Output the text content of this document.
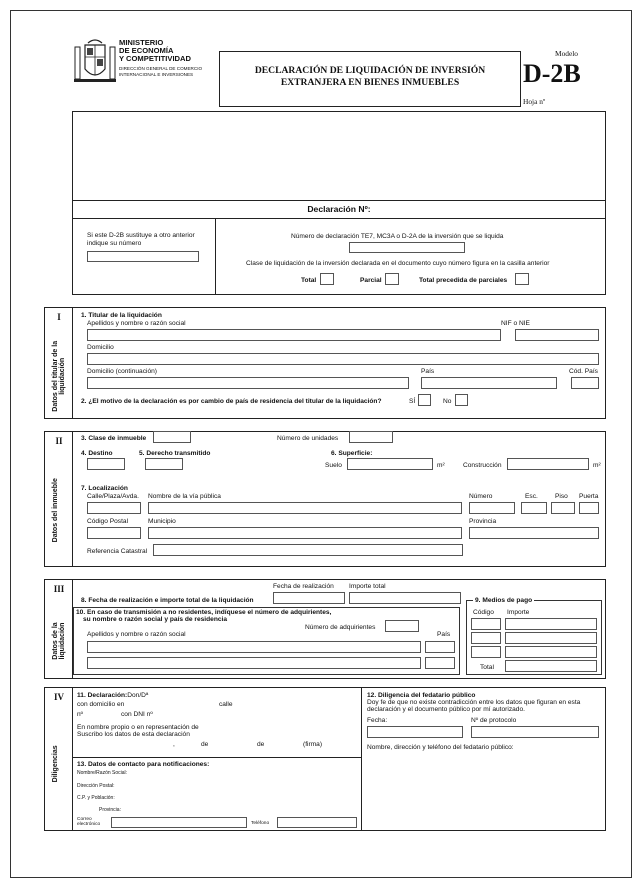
MINISTERIO
DE ECONOMÍA
Y COMPETITIVIDAD
DIRECCIÓN GENERAL DE COMERCIO
INTERNACIONAL E INVERSIONES	DECLARACIÓN DE LIQUIDACIÓN DE INVERSIÓN
EXTRANJERA EN BIENES INMUEBLES
Modelo
D-2B
Hoja nº
Declaración Nº:
Si este D-2B sustituye a otro anterior
indique su número
Número de declaración TE7, MC3A o D-2A de la inversión que se liquida
Clase de liquidación de la inversión declarada en el documento cuyo número figura en la casilla anterior
Total	Parcial	Total precedida de parciales
I
Datos del titular de la liquidación
1. Titular de la liquidación
Apellidos y nombre o razón social	NIF o NIE
Domicilio
Domicilio (continuación)	País	Cód. País
2. ¿El motivo de la declaración es por cambio de país de residencia del titular de la liquidación?	SÍ	No
II
Datos del inmueble
3. Clase de inmueble	Número de unidades
4. Destino	5. Derecho transmitido	6. Superficie:
Suelo	m²	Construcción	m²
7. Localización
Calle/Plaza/Avda. Nombre de la vía pública	Número	Esc.	Piso Puerta
Código Postal	Municipio	Provincia
Referencia Catastral
III
Datos de la liquidación
Fecha de realización Importe total
8. Fecha de realización e importe total de la liquidación	9. Medios de pago
Código Importe
Total
10. En caso de transmisión a no residentes, indíquese el número de adquirientes,
su nombre o razón social y país de residencia
Número de adquirientes
Apellidos y nombre o razón social	País
IV
Diligencias
11. Declaración:Don/Dª
con domicilio en	calle
nº	con DNI nº
En nombre propio o en representación de
Suscribo los datos de esta declaración
,	de	de	(firma)
13. Datos de contacto para notificaciones:
Nombre/Razón Social:
Dirección Postal:
C.P. y Población:
Provincia:
Correo
electrónico	Teléfono
12. Diligencia del fedatario público
Doy fe de que no existe contradicción entre los datos que figuran en esta
declaración y el documento público por mí autorizado.
Fecha:	Nº de protocolo
Nombre, dirección y teléfono del fedatario público:
